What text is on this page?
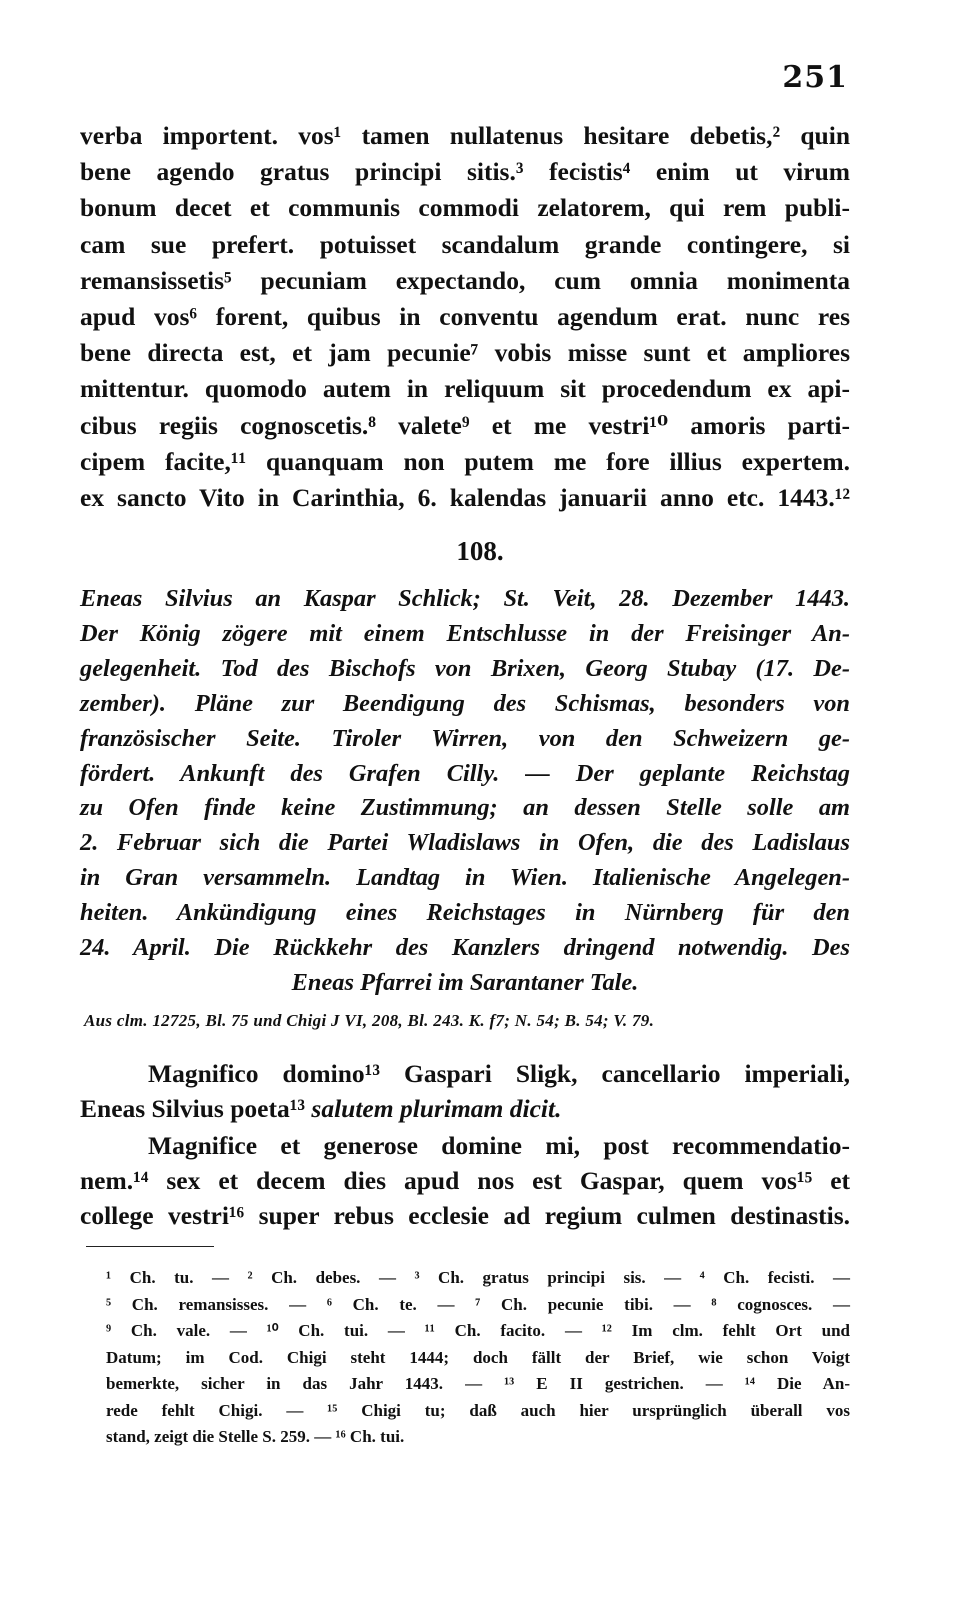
251
verba importent. vos¹ tamen nullatenus hesitare debetis,² quin
bene agendo gratus principi sitis.³ fecistis⁴ enim ut virum
bonum decet et communis commodi zelatorem, qui rem publi-
cam sue prefert. potuisset scandalum grande contingere, si
remansissetis⁵ pecuniam expectando, cum omnia monimenta
apud vos⁶ forent, quibus in conventu agendum erat. nunc res
bene directa est, et jam pecunie⁷ vobis misse sunt et ampliores
mittentur. quomodo autem in reliquum sit procedendum ex api-
cibus regiis cognoscetis.⁸ valete⁹ et me vestri¹⁰ amoris parti-
cipem facite,¹¹ quanquam non putem me fore illius expertem.
ex sancto Vito in Carinthia, 6. kalendas januarii anno etc. 1443.¹²
108.
Eneas Silvius an Kaspar Schlick; St. Veit, 28. Dezember 1443.
Der König zögere mit einem Entschlusse in der Freisinger An-
gelegenheit. Tod des Bischofs von Brixen, Georg Stubay (17. De-
zember). Pläne zur Beendigung des Schismas, besonders von
französischer Seite. Tiroler Wirren, von den Schweizern ge-
fördert. Ankunft des Grafen Cilly. — Der geplante Reichstag
zu Ofen finde keine Zustimmung; an dessen Stelle solle am
2. Februar sich die Partei Wladislaws in Ofen, die des Ladislaus
in Gran versammeln. Landtag in Wien. Italienische Angelegen-
heiten. Ankündigung eines Reichstages in Nürnberg für den
24. April. Die Rückkehr des Kanzlers dringend notwendig. Des
Eneas Pfarrei im Sarantaner Tale.
Aus clm. 12725, Bl. 75 und Chigi J VI, 208, Bl. 243. K. f7; N. 54; B. 54; V. 79.
Magnifico domino¹³ Gaspari Sligk, cancellario imperiali,
Eneas Silvius poeta¹³ salutem plurimam dicit.
Magnifice et generose domine mi, post recommendatio-
nem.¹⁴ sex et decem dies apud nos est Gaspar, quem vos¹⁵ et
college vestri¹⁶ super rebus ecclesie ad regium culmen destinastis.
¹ Ch. tu. — ² Ch. debes. — ³ Ch. gratus principi sis. — ⁴ Ch. fecisti. —
⁵ Ch. remansisses. — ⁶ Ch. te. — ⁷ Ch. pecunie tibi. — ⁸ cognosces. —
⁹ Ch. vale. — ¹⁰ Ch. tui. — ¹¹ Ch. facito. — ¹² Im clm. fehlt Ort und
Datum; im Cod. Chigi steht 1444; doch fällt der Brief, wie schon Voigt
bemerkte, sicher in das Jahr 1443. — ¹³ E II gestrichen. — ¹⁴ Die An-
rede fehlt Chigi. — ¹⁵ Chigi tu; daß auch hier ursprünglich überall vos
stand, zeigt die Stelle S. 259. — ¹⁶ Ch. tui.
